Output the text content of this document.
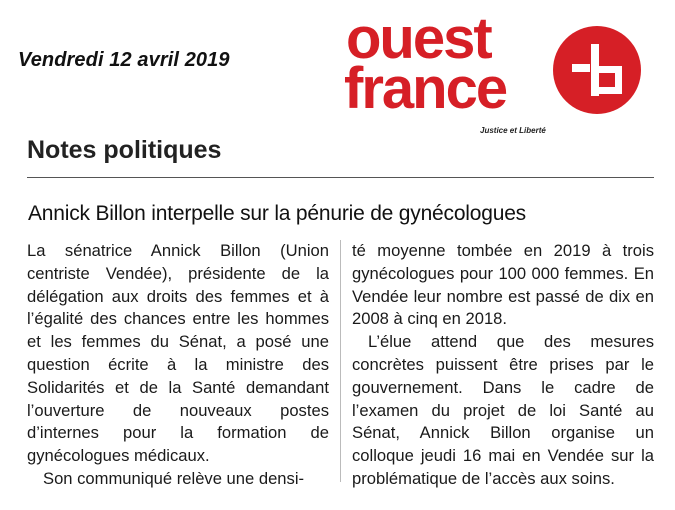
Vendredi 12 avril 2019 ouest
france
Justice et Liberté
Notes politiques
Annick Billon interpelle sur la pénurie de gynécologues

La sénatrice Annick Billon (Union centriste Vendée), présidente de la délégation aux droits des femmes et à l’égalité des chances entre les hommes et les femmes du Sénat, a posé une question écrite à la ministre des Solidarités et de la Santé demandant l’ouverture de nouveaux postes d’internes pour la formation de gynécologues médicaux.

Son communiqué relève une densi-

té moyenne tombée en 2019 à trois gynécologues pour 100 000 femmes. En Vendée leur nombre est passé de dix en 2008 à cinq en 2018.

L’élue attend que des mesures concrètes puissent être prises par le gouvernement. Dans le cadre de l’examen du projet de loi Santé au Sénat, Annick Billon organise un colloque jeudi 16 mai en Vendée sur la problématique de l’accès aux soins.
